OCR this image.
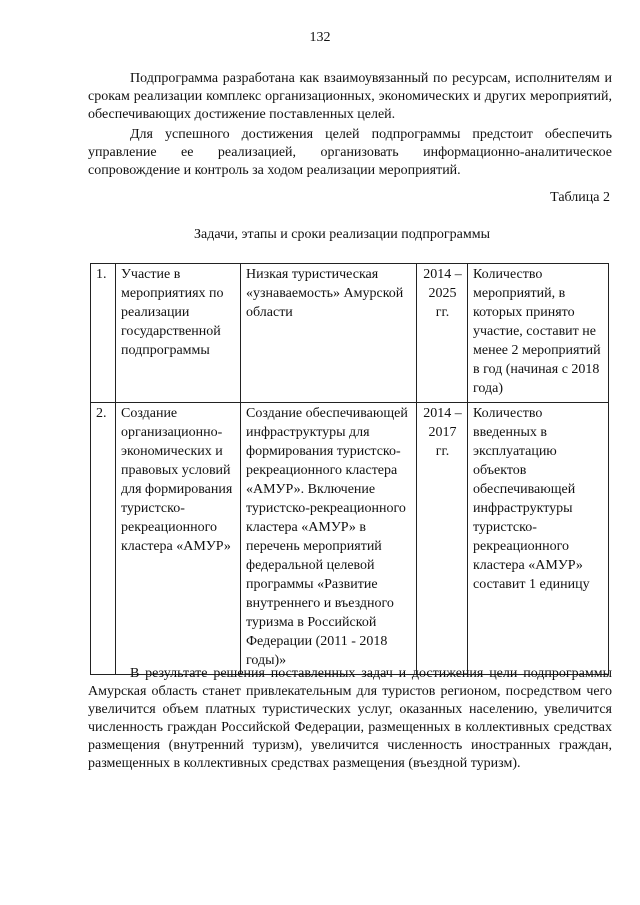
132

Подпрограмма разработана как взаимоувязанный по ресурсам, исполнителям и срокам реализации комплекс организационных, экономических и других мероприятий, обеспечивающих достижение поставленных целей.

Для успешного достижения целей подпрограммы предстоит обеспечить управление ее реализацией, организовать информационно-аналитическое сопровождение и контроль за ходом реализации мероприятий.

Таблица 2
Задачи, этапы и сроки реализации подпрограммы
1.	Участие в мероприятиях по реализации государственной подпрограммы	Низкая туристическая «узнаваемость» Амурской области	2014 – 2025 гг.	Количество мероприятий, в которых принято участие, составит не менее 2 мероприятий в год (начиная с 2018 года)
2.	Создание организационно-экономических и правовых условий для формирования туристско-рекреационного кластера «АМУР»	Создание обеспечивающей инфраструктуры для формирования туристско-рекреационного кластера «АМУР». Включение туристско-рекреационного кластера «АМУР» в перечень мероприятий федеральной целевой программы «Развитие внутреннего и въездного туризма в Российской Федерации (2011 - 2018 годы)»	2014 – 2017 гг.	Количество введенных в эксплуатацию объектов обеспечивающей инфраструктуры туристско-рекреационного кластера «АМУР» составит 1 единицу

В результате решения поставленных задач и достижения цели подпрограммы Амурская область станет привлекательным для туристов регионом, посредством чего увеличится объем платных туристических услуг, оказанных населению, увеличится численность граждан Российской Федерации, размещенных в коллективных средствах размещения (внутренний туризм), увеличится численность иностранных граждан, размещенных в коллективных средствах размещения (въездной туризм).
